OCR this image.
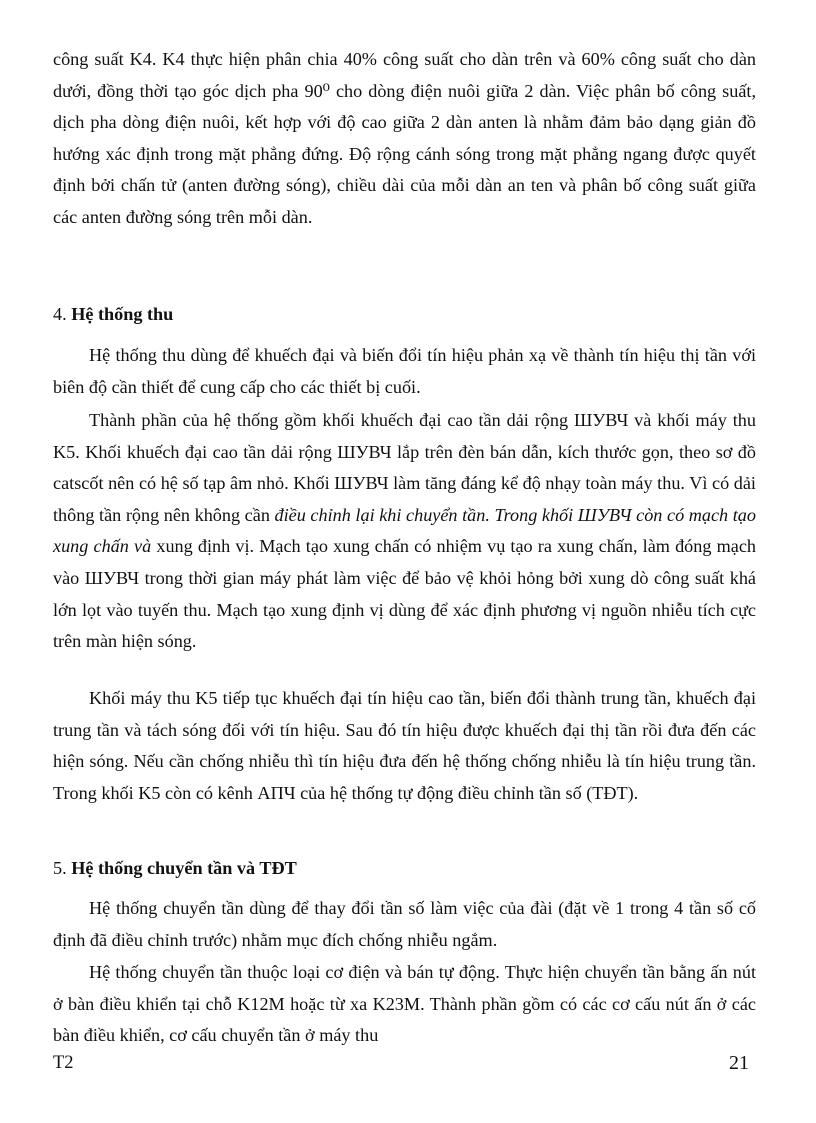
công suất K4. K4 thực hiện phân chia 40% công suất cho dàn trên và 60% công suất cho dàn dưới, đồng thời tạo góc dịch pha 90⁰ cho dòng điện nuôi giữa 2 dàn. Việc phân bố công suất, dịch pha dòng điện nuôi, kết hợp với độ cao giữa 2 dàn anten là nhằm đảm bảo dạng giản đồ hướng xác định trong mặt phẳng đứng. Độ rộng cánh sóng trong mặt phẳng ngang được quyết định bởi chấn tử (anten đường sóng), chiều dài của mỗi dàn an ten và phân bố công suất giữa các anten đường sóng trên mỗi dàn.

4. Hệ thống thu

Hệ thống thu dùng để khuếch đại và biến đổi tín hiệu phản xạ về thành tín hiệu thị tần với biên độ cần thiết để cung cấp cho các thiết bị cuối.

Thành phần của hệ thống gồm khối khuếch đại cao tần dải rộng ШУВЧ và khối máy thu K5. Khối khuếch đại cao tần dải rộng ШУВЧ lắp trên đèn bán dẫn, kích thước gọn, theo sơ đồ catscốt nên có hệ số tạp âm nhỏ. Khối ШУВЧ làm tăng đáng kể độ nhạy toàn máy thu. Vì có dải thông tần rộng nên không cần điều chỉnh lại khi chuyển tần. Trong khối ШУВЧ còn có mạch tạo xung chấn và xung định vị. Mạch tạo xung chấn có nhiệm vụ tạo ra xung chấn, làm đóng mạch vào ШУВЧ trong thời gian máy phát làm việc để bảo vệ khỏi hỏng bởi xung dò công suất khá lớn lọt vào tuyến thu. Mạch tạo xung định vị dùng để xác định phương vị nguồn nhiễu tích cực trên màn hiện sóng.

Khối máy thu K5 tiếp tục khuếch đại tín hiệu cao tần, biến đổi thành trung tần, khuếch đại trung tần và tách sóng đối với tín hiệu. Sau đó tín hiệu được khuếch đại thị tần rồi đưa đến các hiện sóng. Nếu cần chống nhiễu thì tín hiệu đưa đến hệ thống chống nhiễu là tín hiệu trung tần. Trong khối K5 còn có kênh АПЧ của hệ thống tự động điều chỉnh tần số (TĐT).

5. Hệ thống chuyển tần và TĐT

Hệ thống chuyển tần dùng để thay đổi tần số làm việc của đài (đặt về 1 trong 4 tần số cố định đã điều chỉnh trước) nhằm mục đích chống nhiễu ngắm.

Hệ thống chuyển tần thuộc loại cơ điện và bán tự động. Thực hiện chuyển tần bằng ấn nút ở bàn điều khiển tại chỗ K12M hoặc từ xa K23M. Thành phần gồm có các cơ cấu nút ấn ở các bàn điều khiển, cơ cấu chuyển tần ở máy thu

T2	21
